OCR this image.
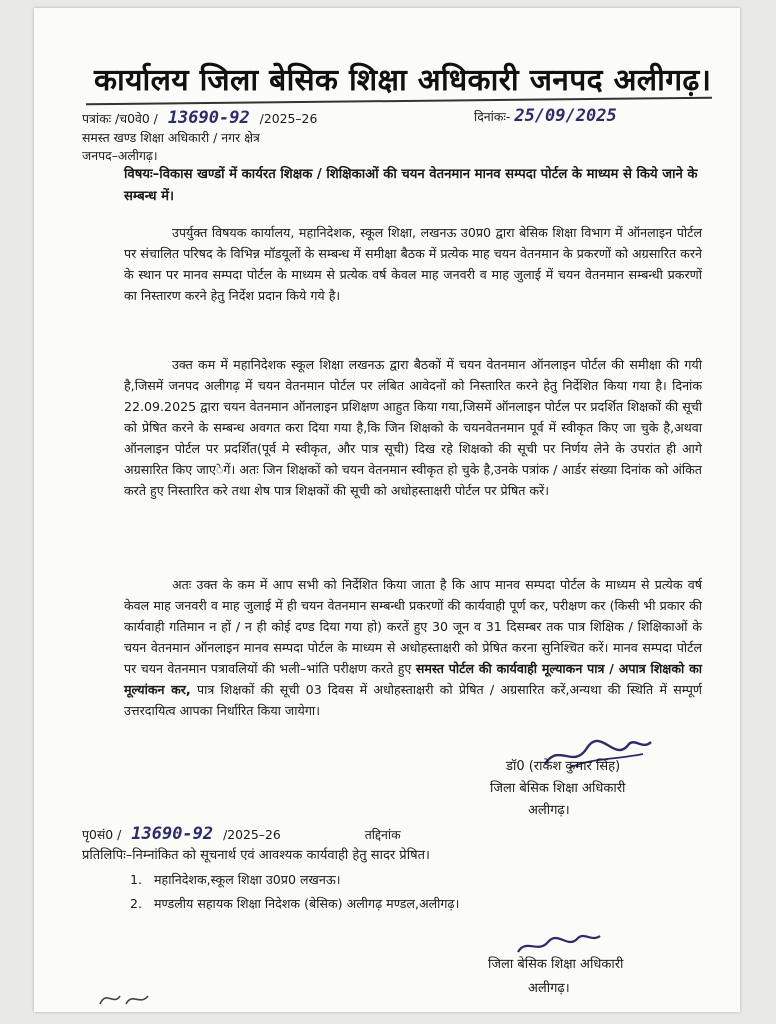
कार्यालय जिला बेसिक शिक्षा अधिकारी जनपद अलीगढ़।
पत्रांकः /च0वे0 / 13690-92 /2025–26	दिनांकः- 25/09/2025
समस्त खण्ड शिक्षा अधिकारी / नगर क्षेत्र
जनपद–अलीगढ़।
विषयः–विकास खण्डों में कार्यरत शिक्षक / शिक्षिकाओं की चयन वेतनमान मानव सम्पदा पोर्टल के माध्यम से किये जाने के सम्बन्ध में।
उपर्युक्त विषयक कार्यालय, महानिदेशक, स्कूल शिक्षा, लखनऊ उ0प्र0 द्वारा बेसिक शिक्षा विभाग में ऑनलाइन पोर्टल पर संचालित परिषद के विभिन्न मॉडयूलों के सम्बन्ध में समीक्षा बैठक में प्रत्येक माह चयन वेतनमान के प्रकरणों को अग्रसारित करने के स्थान पर मानव सम्पदा पोर्टल के माध्यम से प्रत्येक वर्ष केवल माह जनवरी व माह जुलाई में चयन वेतनमान सम्बन्धी प्रकरणों का निस्तारण करने हेतु निर्देश प्रदान किये गये है।
उक्त कम में महानिदेशक स्कूल शिक्षा लखनऊ द्वारा बैठकों में चयन वेतनमान ऑनलाइन पोर्टल की समीक्षा की गयी है,जिसमें जनपद अलीगढ़ में चयन वेतनमान पोर्टल पर लंबित आवेदनों को निस्तारित करने हेतु निर्देशित किया गया है। दिनांक 22.09.2025 द्वारा चयन वेतनमान ऑनलाइन प्रशिक्षण आहुत किया गया,जिसमें ऑनलाइन पोर्टल पर प्रदर्शित शिक्षकों की सूची को प्रेषित करने के सम्बन्ध अवगत करा दिया गया है,कि जिन शिक्षको के चयनवेतनमान पूर्व में स्वीकृत किए जा चुके है,अथवा ऑनलाइन पोर्टल पर प्रदर्शित(पूर्व मे स्वीकृत, और पात्र सूची) दिख रहे शिक्षको की सूची पर निर्णय लेने के उपरांत ही आगे अग्रसारित किए जाएेगें। अतः जिन शिक्षकों को चयन वेतनमान स्वीकृत हो चुके है,उनके पत्रांक / आर्डर संख्या दिनांक को अंकित करते हुए निस्तारित करे तथा शेष पात्र शिक्षकों की सूची को अधोहस्ताक्षरी पोर्टल पर प्रेषित करें।
अतः उक्त के कम में आप सभी को निर्देशित किया जाता है कि आप मानव सम्पदा पोर्टल के माध्यम से प्रत्येक वर्ष केवल माह जनवरी व माह जुलाई में ही चयन वेतनमान सम्बन्धी प्रकरणों की कार्यवाही पूर्ण कर, परीक्षण कर (किसी भी प्रकार की कार्यवाही गतिमान न हों / न ही कोई दण्ड दिया गया हो) करतें हुए 30 जून व 31 दिसम्बर तक पात्र शिक्षिक / शिक्षिकाओं के चयन वेतनमान ऑनलाइन मानव सम्पदा पोर्टल के माध्यम से अधोहस्ताक्षरी को प्रेषित करना सुनिश्चित करें। मानव सम्पदा पोर्टल पर चयन वेतनमान पत्रावलियों की भली–भांति परीक्षण करते हुए समस्त पोर्टल की कार्यवाही मूल्याकन पात्र / अपात्र शिक्षको का मूल्यांकन कर, पात्र शिक्षकों की सूची 03 दिवस में अधोहस्ताक्षरी को प्रेषित / अग्रसारित करें,अन्यथा की स्थिति में सम्पूर्ण उत्तरदायित्व आपका निर्धारित किया जायेगा।
डॉ0 (राकेश कुमार सिंह)
जिला बेसिक शिक्षा अधिकारी
अलीगढ़।
पृ0सं0 / 13690-92 /2025–26	तद्दिनांक
प्रतिलिपिः–निम्नांकित को सूचनार्थ एवं आवश्यक कार्यवाही हेतु सादर प्रेषित।
1. महानिदेशक,स्कूल शिक्षा उ0प्र0 लखनऊ।
2. मण्डलीय सहायक शिक्षा निदेशक (बेसिक) अलीगढ़ मण्डल,अलीगढ़।
जिला बेसिक शिक्षा अधिकारी
अलीगढ़।
